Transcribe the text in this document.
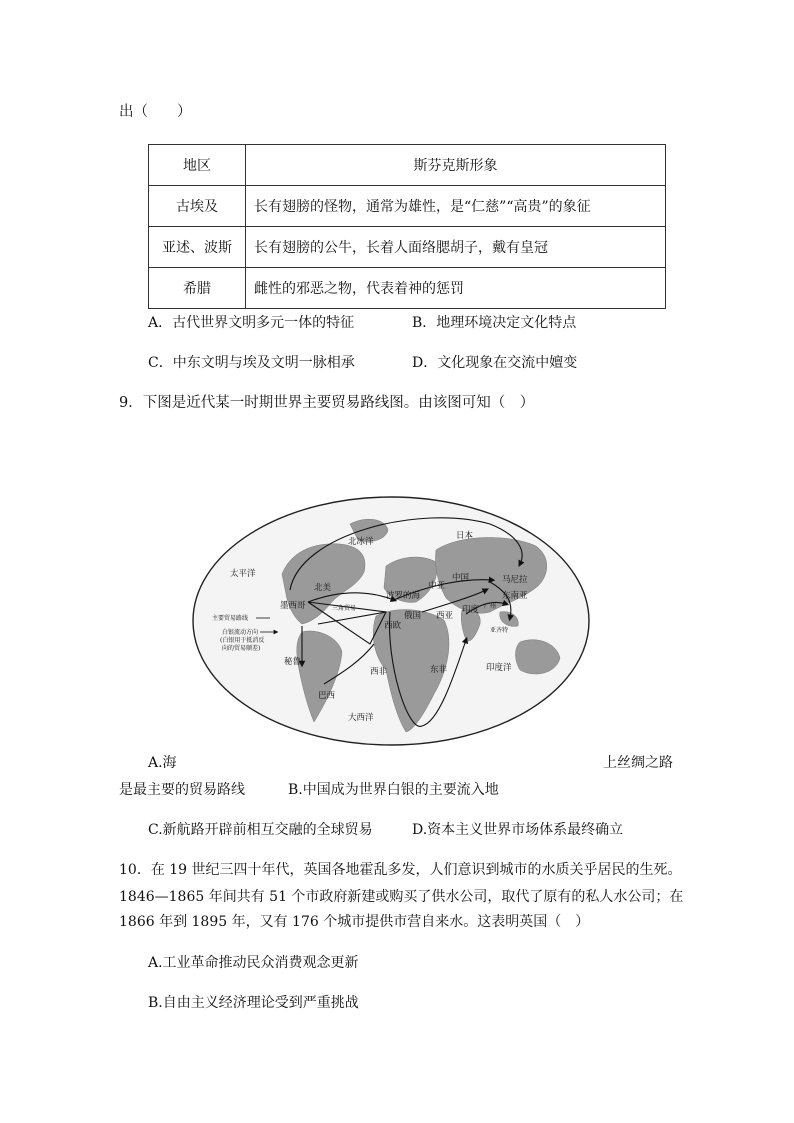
出（　　）
地区	斯芬克斯形象
古埃及	长有翅膀的怪物，通常为雄性，是“仁慈”“高贵”的象征
亚述、波斯	长有翅膀的公牛，长着人面络腮胡子，戴有皇冠
希腊	雌性的邪恶之物，代表着神的惩罚
A．古代世界文明多元一体的特征	B．地理环境决定文化特点
C．中东文明与埃及文明一脉相承	D．文化现象在交流中嬗变
9．下图是近代某一时期世界主要贸易路线图。由该图可知（　）
北冰洋
日本
太平洋
北美
波罗的海
中亚
中国	马尼拉
东南亚
墨西哥	三角贸易
俄国
西欧
西亚
印度 广州
亚齐特
秘鲁
西非	东非	印度洋
巴西
大西洋
主要贸易路线
白银流动方向
(白银用于抵消反
向的贸易顺差)
A.海	上丝绸之路
是最主要的贸易路线	B.中国成为世界白银的主要流入地
C.新航路开辟前相互交融的全球贸易	D.资本主义世界市场体系最终确立
10．在 19 世纪三四十年代，英国各地霍乱多发，人们意识到城市的水质关乎居民的生死。
1846—1865 年间共有 51 个市政府新建或购买了供水公司，取代了原有的私人水公司；在
1866 年到 1895 年，又有 176 个城市提供市营自来水。这表明英国（　）
A.工业革命推动民众消费观念更新
B.自由主义经济理论受到严重挑战
